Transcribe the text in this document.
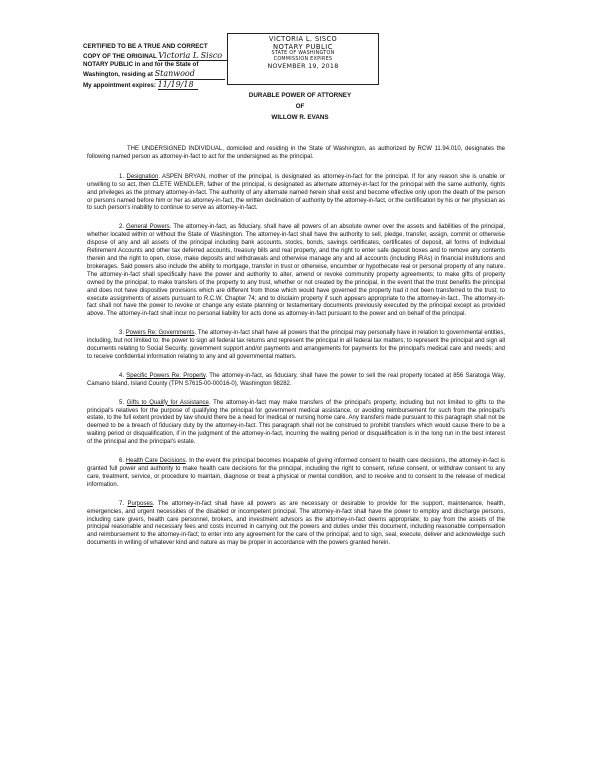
CERTIFIED TO BE A TRUE AND CORRECT
COPY OF THE ORIGINAL Victoria L Sisco
NOTARY PUBLIC in and for the State of
Washington, residing at Stanwood
My appointment expires: 11/19/18
VICTORIA L. SISCO
NOTARY PUBLIC
STATE OF WASHINGTON
COMMISSION EXPIRES
NOVEMBER 19, 2018
DURABLE POWER OF ATTORNEY
OF
WILLOW R. EVANS

THE UNDERSIGNED INDIVIDUAL, domiciled and residing in the State of Washington, as authorized by RCW 11.94.010, designates the following named person as attorney-in-fact to act for the undersigned as the principal.

1. Designation. ASPEN BRYAN, mother of the principal, is designated as attorney-in-fact for the principal. If for any reason she is unable or unwilling to so act, then CLETE WENDLER, father of the principal, is designated as alternate attorney-in-fact for the principal with the same authority, rights and privileges as the primary attorney-in-fact. The authority of any alternate named herein shall exist and become effective only upon the death of the person or persons named before him or her as attorney-in-fact, the written declination of authority by the attorney-in-fact, or the certification by his or her physician as to such person's inability to continue to serve as attorney-in-fact.

2. General Powers. The attorney-in-fact, as fiduciary, shall have all powers of an absolute owner over the assets and liabilities of the principal, whether located within or without the State of Washington. The attorney-in-fact shall have the authority to sell, pledge, transfer, assign, commit or otherwise dispose of any and all assets of the principal including bank accounts, stocks, bonds, savings certificates, certificates of deposit, all forms of Individual Retirement Accounts and other tax deferred accounts, treasury bills and real property, and the right to enter safe deposit boxes and to remove any contents therein and the right to open, close, make deposits and withdrawals and otherwise manage any and all accounts (including IRAs) in financial institutions and brokerages. Said powers also include the ability to mortgage, transfer in trust or otherwise, encumber or hypothecate real or personal property of any nature. The attorney-in-fact shall specifically have the power and authority to alter, amend or revoke community property agreements; to make gifts of property owned by the principal; to make transfers of the property to any trust, whether or not created by the principal, in the event that the trust benefits the principal and does not have dispositive provisions which are different from those which would have governed the property had it not been transferred to the trust; to execute assignments of assets pursuant to R.C.W. Chapter 74; and to disclaim property if such appears appropriate to the attorney-in-fact.. The attorney-in-fact shall not have the power to revoke or change any estate planning or testamentary documents previously executed by the principal except as provided above. The attorney-in-fact shall incur no personal liability for acts done as attorney-in-fact pursuant to the power and on behalf of the principal.

3. Powers Re: Governments. The attorney-in-fact shall have all powers that the principal may personally have in relation to governmental entities, including, but not limited to: the power to sign all federal tax returns and represent the principal in all federal tax matters; to represent the principal and sign all documents relating to Social Security, government support and/or payments and arrangements for payments for the principal's medical care and needs; and to receive confidential information relating to any and all governmental matters.

4. Specific Powers Re: Property. The attorney-in-fact, as fiduciary, shall have the power to sell the real property located at 856 Saratoga Way, Camano Island, Island County (TPN S7615-00-00016-0), Washington 98282.

5. Gifts to Qualify for Assistance. The attorney-in-fact may make transfers of the principal's property, including but not limited to gifts to the principal's relatives for the purpose of qualifying the principal for government medical assistance, or avoiding reimbursement for such from the principal's estate, to the full extent provided by law should there be a need for medical or nursing home care. Any transfers made pursuant to this paragraph shall not be deemed to be a breach of fiduciary duty by the attorney-in-fact. This paragraph shall not be construed to prohibit transfers which would cause there to be a waiting period or disqualification, if in the judgment of the attorney-in-fact, incurring the waiting period or disqualification is in the long run in the best interest of the principal and the principal's estate.

6. Health Care Decisions. In the event the principal becomes incapable of giving informed consent to health care decisions, the attorney-in-fact is granted full power and authority to make health care decisions for the principal, including the right to consent, refuse consent, or withdraw consent to any care, treatment, service, or procedure to maintain, diagnose or treat a physical or mental condition, and to receive and to consent to the release of medical information.

7. Purposes. The attorney-in-fact shall have all powers as are necessary or desirable to provide for the support, maintenance, health, emergencies, and urgent necessities of the disabled or incompetent principal. The attorney-in-fact shall have the power to employ and discharge persons, including care givers, health care personnel, brokers, and investment advisors as the attorney-in-fact deems appropriate; to pay from the assets of the principal reasonable and necessary fees and costs incurred in carrying out the powers and duties under this document, including reasonable compensation and reimbursement to the attorney-in-fact; to enter into any agreement for the care of the principal; and to sign, seal, execute, deliver and acknowledge such documents in writing of whatever kind and nature as may be proper in accordance with the powers granted herein.
